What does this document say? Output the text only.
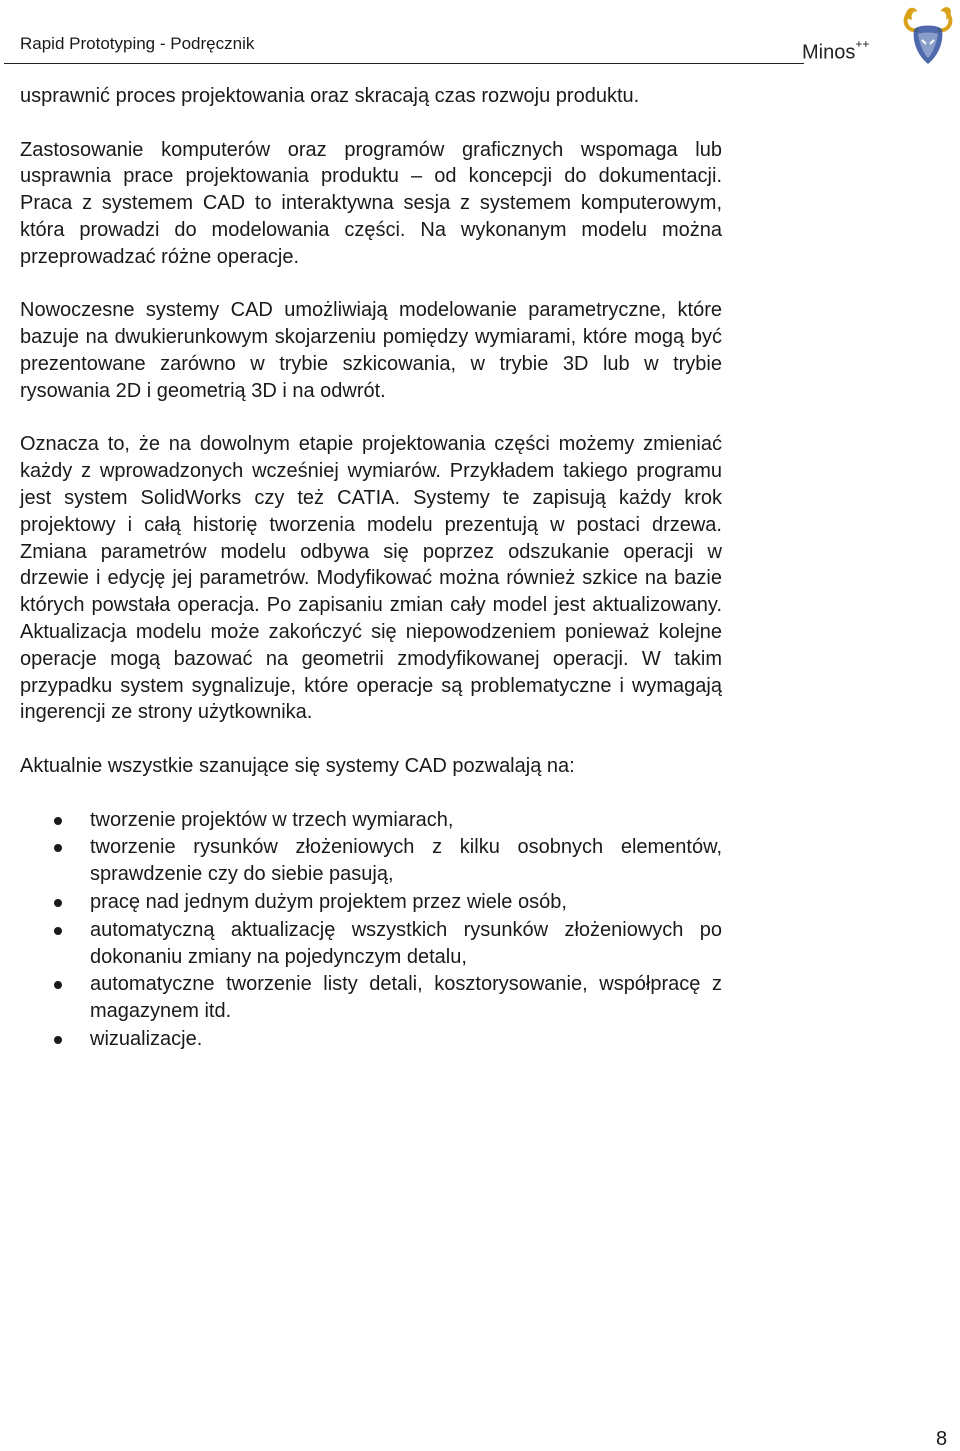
Rapid Prototyping - Podręcznik	Minos++

usprawnić proces projektowania oraz skracają czas rozwoju produktu.

Zastosowanie komputerów oraz programów graficznych wspomaga lub usprawnia prace projektowania produktu – od koncepcji do dokumentacji. Praca z systemem CAD to interaktywna sesja z systemem komputerowym, która prowadzi do modelowania części. Na wykonanym modelu można przeprowadzać różne operacje.

Nowoczesne systemy CAD umożliwiają modelowanie parametryczne, które bazuje na dwukierunkowym skojarzeniu pomiędzy wymiarami, które mogą być prezentowane zarówno w trybie szkicowania, w trybie 3D lub w trybie rysowania 2D i geometrią 3D i na odwrót.

Oznacza to, że na dowolnym etapie projektowania części możemy zmieniać każdy z wprowadzonych wcześniej wymiarów. Przykładem takiego programu jest system SolidWorks czy też CATIA. Systemy te zapisują każdy krok projektowy i całą historię tworzenia modelu prezentują w postaci drzewa. Zmiana parametrów modelu odbywa się poprzez odszukanie operacji w drzewie i edycję jej parametrów. Modyfikować można również szkice na bazie których powstała operacja. Po zapisaniu zmian cały model jest aktualizowany. Aktualizacja modelu może zakończyć się niepowodzeniem ponieważ kolejne operacje mogą bazować na geometrii zmodyfikowanej operacji. W takim przypadku system sygnalizuje, które operacje są problematyczne i wymagają ingerencji ze strony użytkownika.

Aktualnie wszystkie szanujące się systemy CAD pozwalają na:

tworzenie projektów w trzech wymiarach,
tworzenie rysunków złożeniowych z kilku osobnych elementów, sprawdzenie czy do siebie pasują,
pracę nad jednym dużym projektem przez wiele osób,
automatyczną aktualizację wszystkich rysunków złożeniowych po dokonaniu zmiany na pojedynczym detalu,
automatyczne tworzenie listy detali, kosztorysowanie, współpracę z magazynem itd.
wizualizacje.
8
